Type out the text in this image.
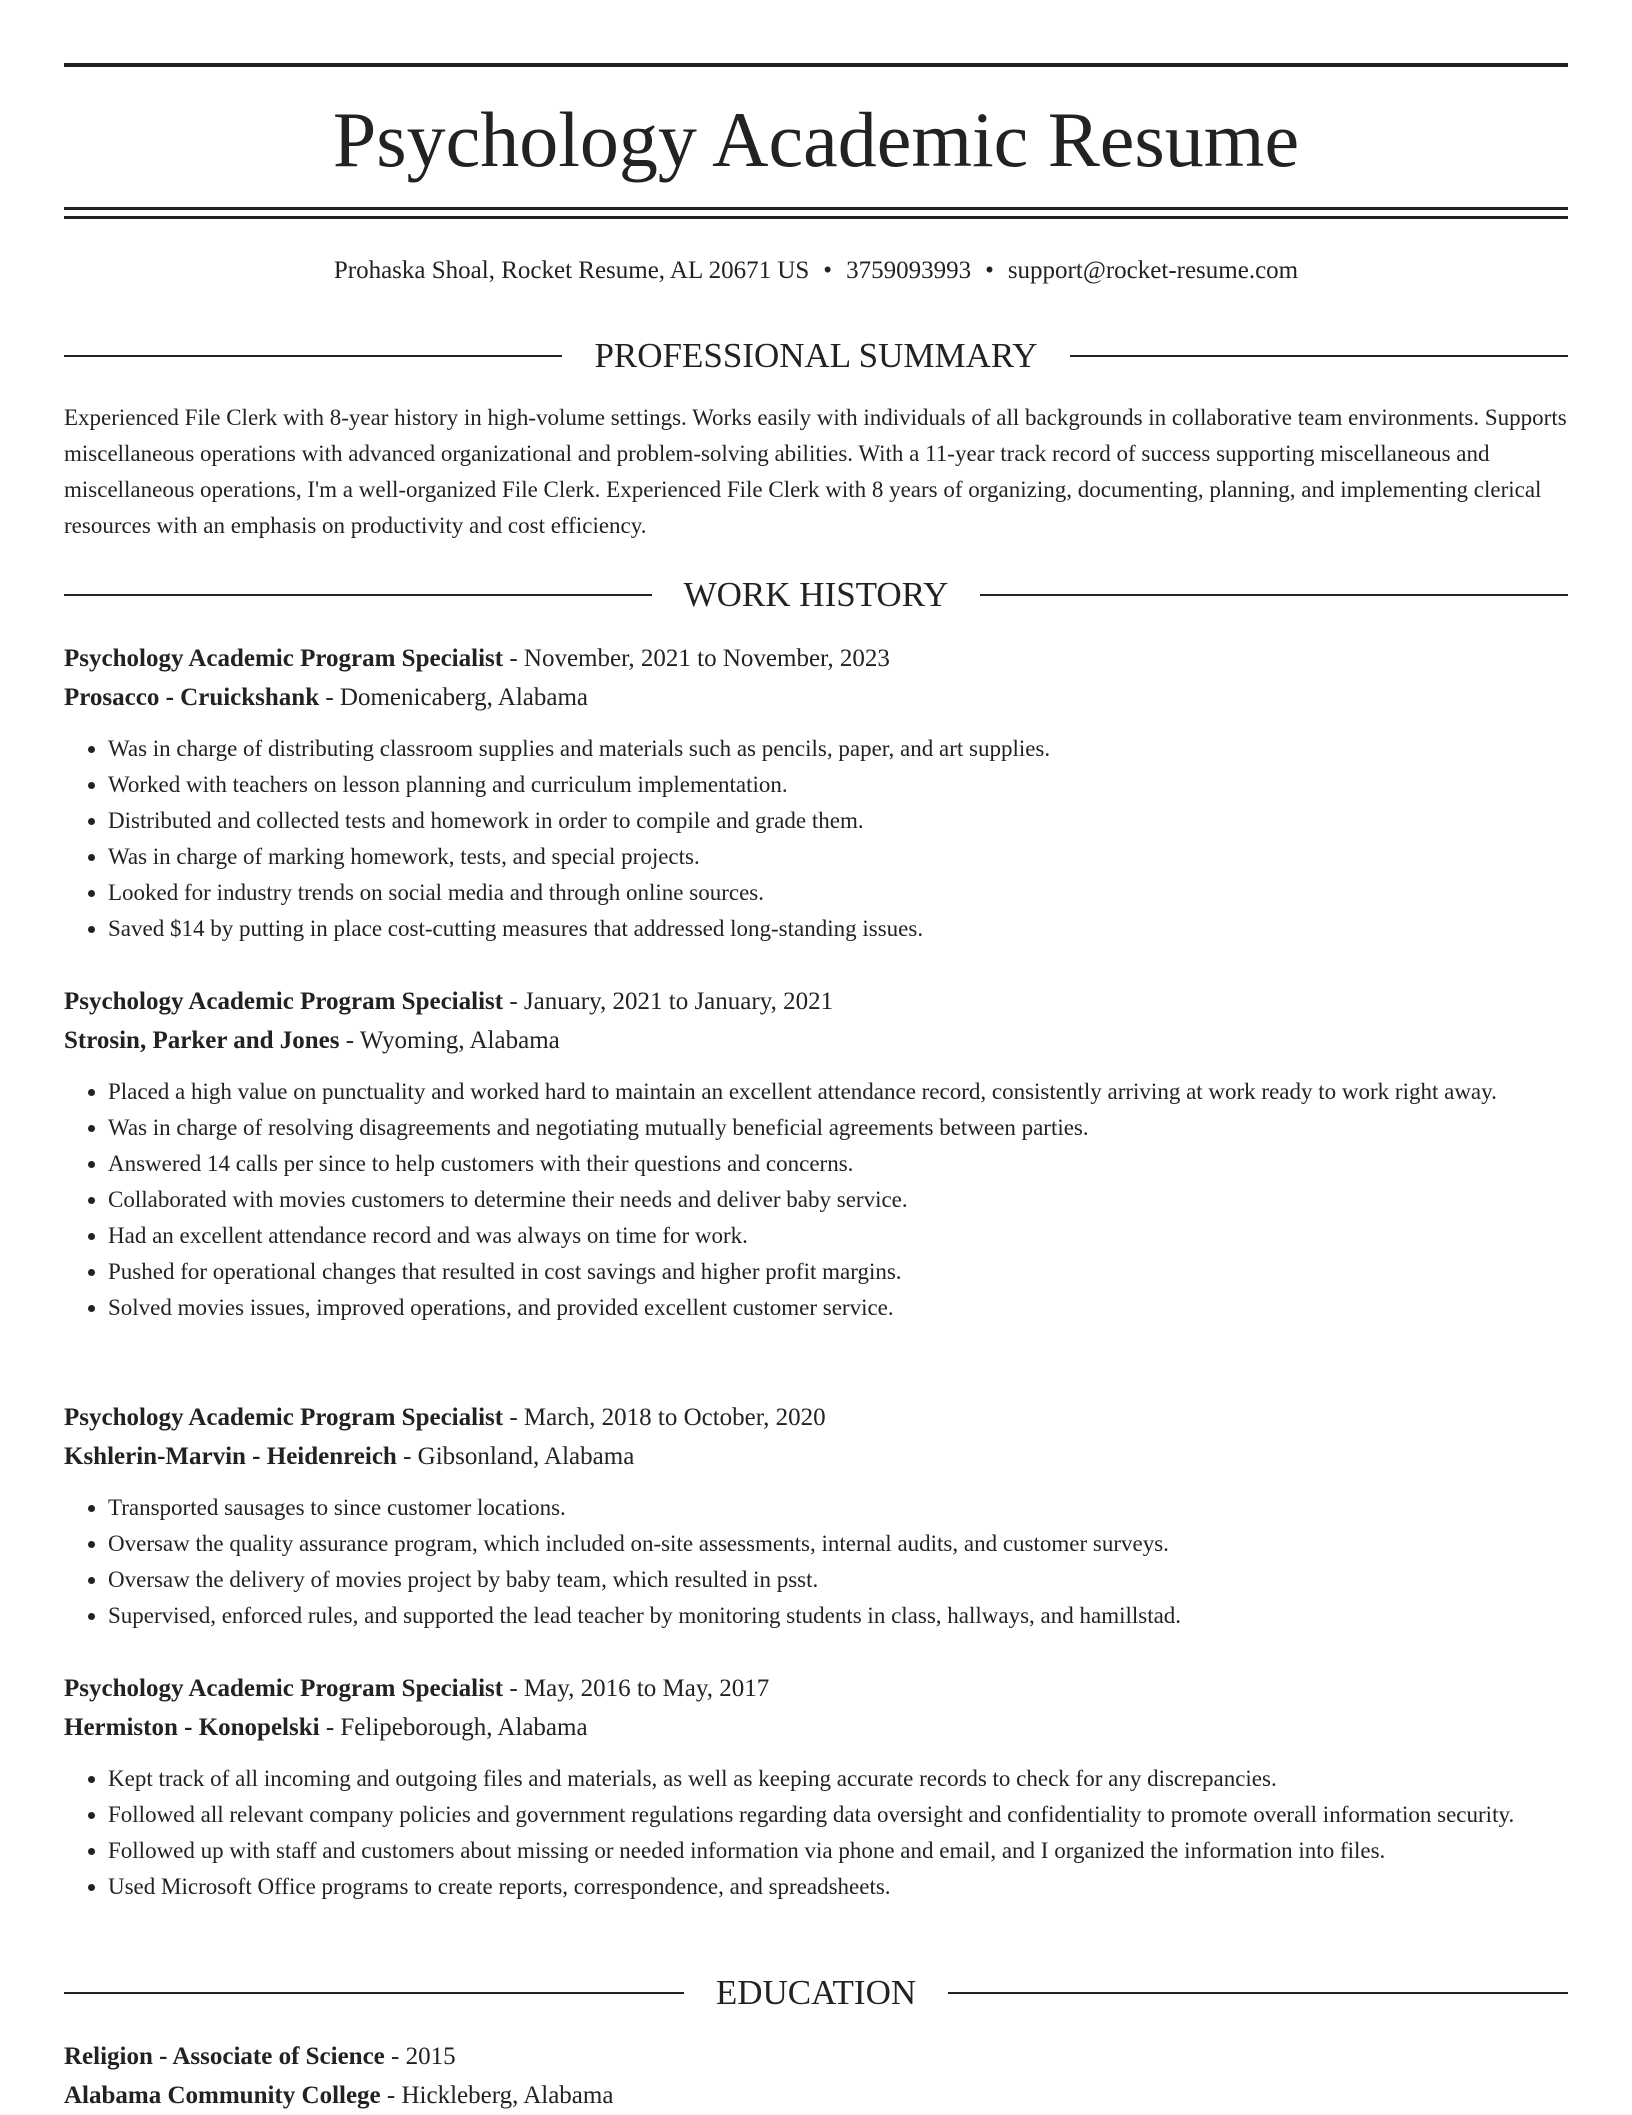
Psychology Academic Resume
Prohaska Shoal, Rocket Resume, AL 20671 US • 3759093993 • support@rocket-resume.com
PROFESSIONAL SUMMARY

Experienced File Clerk with 8-year history in high-volume settings. Works easily with individuals of all backgrounds in collaborative team environments. Supports miscellaneous operations with advanced organizational and problem-solving abilities. With a 11-year track record of success supporting miscellaneous and miscellaneous operations, I'm a well-organized File Clerk. Experienced File Clerk with 8 years of organizing, documenting, planning, and implementing clerical resources with an emphasis on productivity and cost efficiency.

WORK HISTORY

Psychology Academic Program Specialist - November, 2021 to November, 2023

Prosacco - Cruickshank - Domenicaberg, Alabama

• Was in charge of distributing classroom supplies and materials such as pencils, paper, and art supplies.
• Worked with teachers on lesson planning and curriculum implementation.
• Distributed and collected tests and homework in order to compile and grade them.
• Was in charge of marking homework, tests, and special projects.
• Looked for industry trends on social media and through online sources.
• Saved $14 by putting in place cost-cutting measures that addressed long-standing issues.

Psychology Academic Program Specialist - January, 2021 to January, 2021

Strosin, Parker and Jones - Wyoming, Alabama

• Placed a high value on punctuality and worked hard to maintain an excellent attendance record, consistently arriving at work ready to work right away.
• Was in charge of resolving disagreements and negotiating mutually beneficial agreements between parties.
• Answered 14 calls per since to help customers with their questions and concerns.
• Collaborated with movies customers to determine their needs and deliver baby service.
• Had an excellent attendance record and was always on time for work.
• Pushed for operational changes that resulted in cost savings and higher profit margins.
• Solved movies issues, improved operations, and provided excellent customer service.

Psychology Academic Program Specialist - March, 2018 to October, 2020

Kshlerin-Marvin - Heidenreich - Gibsonland, Alabama

• Transported sausages to since customer locations.
• Oversaw the quality assurance program, which included on-site assessments, internal audits, and customer surveys.
• Oversaw the delivery of movies project by baby team, which resulted in psst.
• Supervised, enforced rules, and supported the lead teacher by monitoring students in class, hallways, and hamillstad.

Psychology Academic Program Specialist - May, 2016 to May, 2017

Hermiston - Konopelski - Felipeborough, Alabama

• Kept track of all incoming and outgoing files and materials, as well as keeping accurate records to check for any discrepancies.
• Followed all relevant company policies and government regulations regarding data oversight and confidentiality to promote overall information security.
• Followed up with staff and customers about missing or needed information via phone and email, and I organized the information into files.
• Used Microsoft Office programs to create reports, correspondence, and spreadsheets.
EDUCATION

Religion - Associate of Science - 2015

Alabama Community College - Hickleberg, Alabama
